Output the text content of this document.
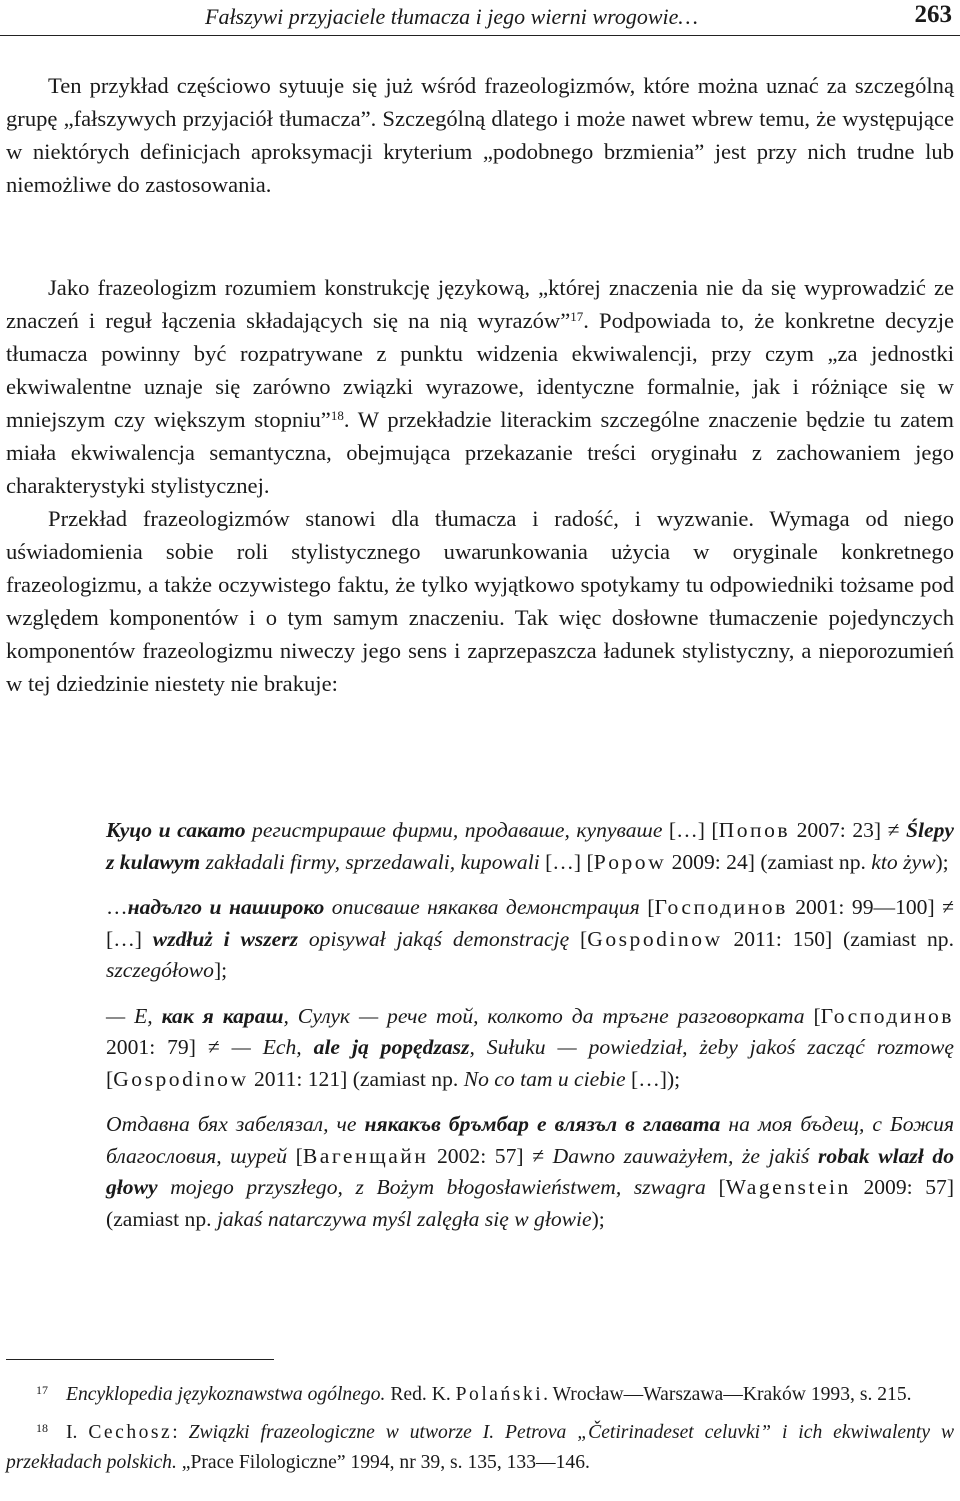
Fałszywi przyjaciele tłumacza i jego wierni wrogowie…	263

Ten przykład częściowo sytuuje się już wśród frazeologizmów, które można uznać za szczególną grupę „fałszywych przyjaciół tłumacza”. Szczególną dlatego i może nawet wbrew temu, że występujące w niektórych definicjach aproksymacji kryterium „podobnego brzmienia” jest przy nich trudne lub niemożliwe do zastosowania.

Jako frazeologizm rozumiem konstrukcję językową, „której znaczenia nie da się wyprowadzić ze znaczeń i reguł łączenia składających się na nią wyrazów”$^{17}$. Podpowiada to, że konkretne decyzje tłumacza powinny być rozpatrywane z punktu widzenia ekwiwalencji, przy czym „za jednostki ekwiwalentne uznaje się zarówno związki wyrazowe, identyczne formalnie, jak i różniące się w mniejszym czy większym stopniu”$^{18}$. W przekładzie literackim szczególne znaczenie będzie tu zatem miała ekwiwalencja semantyczna, obejmująca przekazanie treści oryginału z zachowaniem jego charakterystyki stylistycznej.

Przekład frazeologizmów stanowi dla tłumacza i radość, i wyzwanie. Wymaga od niego uświadomienia sobie roli stylistycznego uwarunkowania użycia w oryginale konkretnego frazeologizmu, a także oczywistego faktu, że tylko wyjątkowo spotykamy tu odpowiedniki tożsame pod względem komponentów i o tym samym znaczeniu. Tak więc dosłowne tłumaczenie pojedynczych komponentów frazeologizmu niweczy jego sens i zaprzepaszcza ładunek stylistyczny, a nieporozumień w tej dziedzinie niestety nie brakuje:

Куцо и сакато регистрираше фирми, продаваше, купуваше […] [Попов 2007: 23] ≠ Ślepy z kulawym zakładali firmy, sprzedawali, kupowali […] [Popow 2009: 24] (zamiast np. kto żyw);

…надълго и нашироко описваше някаква демонстрация [Господинов 2001: 99—100] ≠ […] wzdłuż i wszerz opisywał jakąś demonstrację [Gospodinow 2011: 150] (zamiast np. szczegółowo];

— Е, как я караш, Сулук — рече той, колкото да тръгне разговорката [Господинов 2001: 79] ≠ — Ech, ale ją popędzasz, Sułuku — powiedział, żeby jakoś zacząć rozmowę [Gospodinow 2011: 121] (zamiast np. No co tam u ciebie […]);

Отдавна бях забелязал, че някакъв бръмбар е влязъл в главата на моя бъдещ, с Божия благословия, шурей [Вагенщайн 2002: 57] ≠ Dawno zauważyłem, że jakiś robak wlazł do głowy mojego przyszłego, z Bożym błogosławieństwem, szwagra [Wagenstein 2009: 57] (zamiast np. jakaś natarczywa myśl zalęgła się w głowie);

$^{17}$ Encyklopedia językoznawstwa ogólnego. Red. K. Polański. Wrocław—Warszawa—Kraków 1993, s. 215.

$^{18}$ I. Cechosz: Związki frazeologiczne w utworze I. Petrova „Četirinadeset celuvki” i ich ekwiwalenty w przekładach polskich. „Prace Filologiczne” 1994, nr 39, s. 135, 133—146.
